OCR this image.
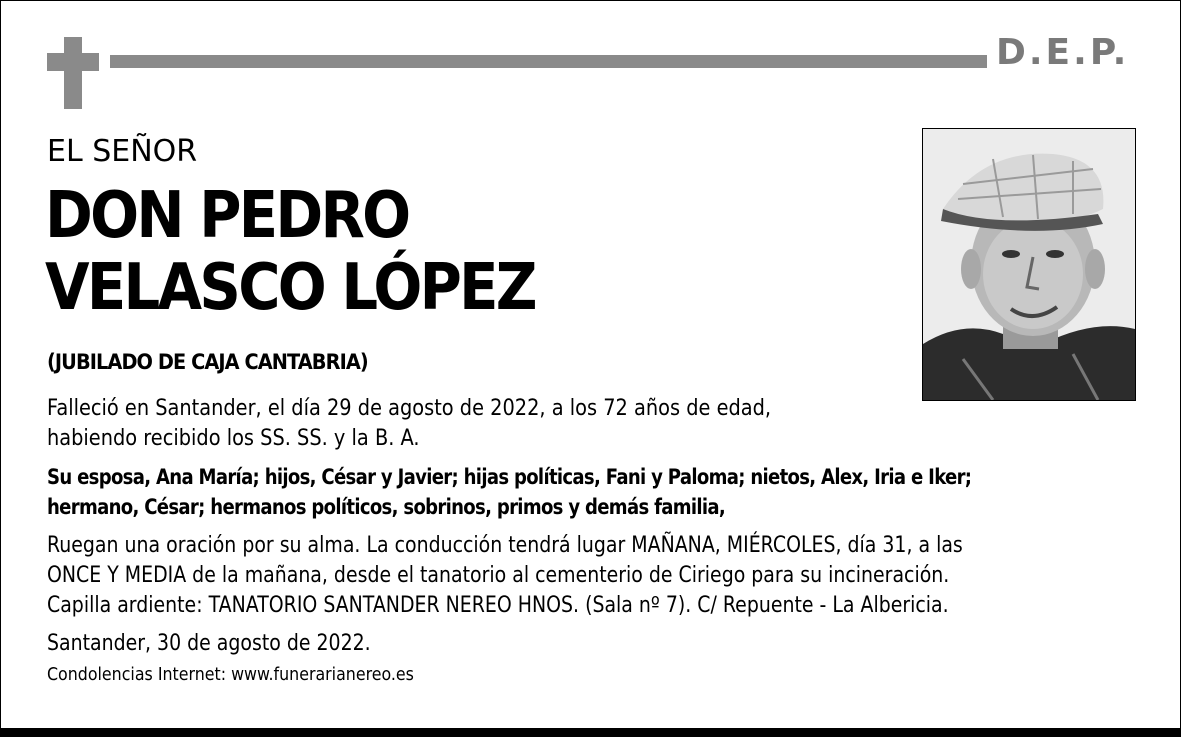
D.E.P.
EL SEÑOR
DON PEDRO
VELASCO LÓPEZ
(JUBILADO DE CAJA CANTABRIA)
Falleció en Santander, el día 29 de agosto de 2022, a los 72 años de edad,
habiendo recibido los SS. SS. y la B. A.
Su esposa, Ana María; hijos, César y Javier; hijas políticas, Fani y Paloma; nietos, Alex, Iria e Iker;
hermano, César; hermanos políticos, sobrinos, primos y demás familia,
Ruegan una oración por su alma. La conducción tendrá lugar MAÑANA, MIÉRCOLES, día 31, a las
ONCE Y MEDIA de la mañana, desde el tanatorio al cementerio de Ciriego para su incineración.
Capilla ardiente: TANATORIO SANTANDER NEREO HNOS. (Sala nº 7). C/ Repuente - La Albericia.
Santander, 30 de agosto de 2022.
Condolencias Internet: www.funerarianereo.es
